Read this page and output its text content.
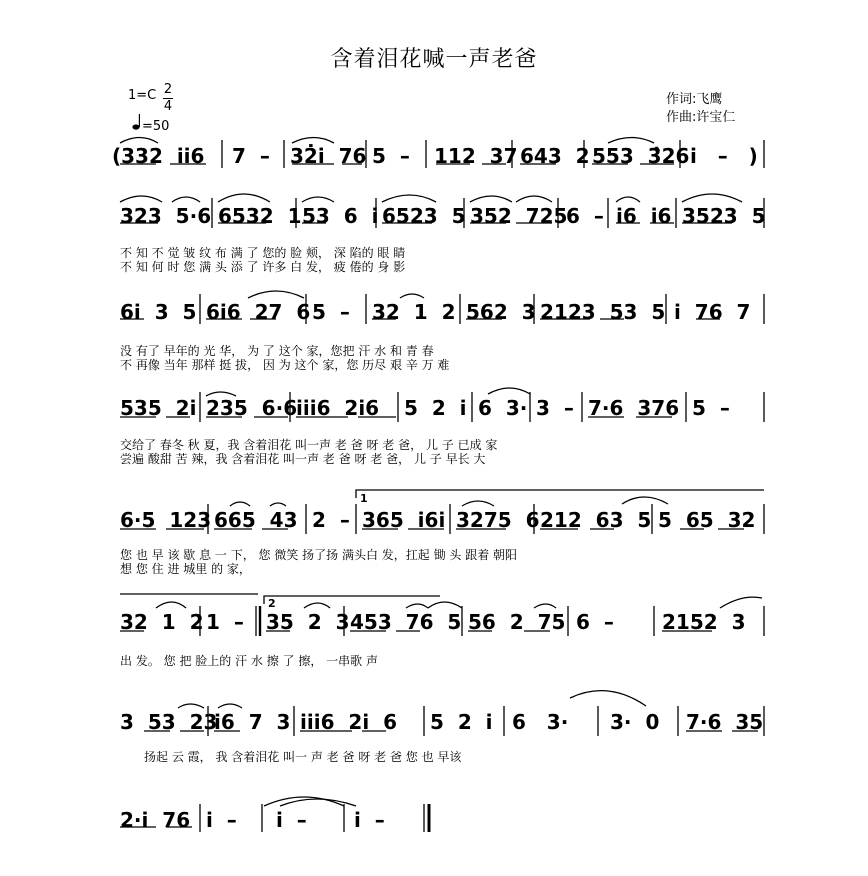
含着泪花喊一声老爸
1=C 2
4
=50
作词:飞鹰
作曲:许宝仁
(332  i̇i̇6 7  – 32̇i̇  76 5  – 112  37 643  2 553  3̂26 i̇   –   )
323  5·6 6532  1 53  6  i̇ 6523  5 352  725
6  – i̇6  i̇6 3523  5
不 知 不 觉 皱 纹 布 满 了 您的 脸 颊， 深 陷的 眼 睛
不 知 何 时 您 满 头 添 了 许多 白 发， 疲 倦的 身 影
6i̇  3  5 6i̇6  27  6 5  – 32  1  2 562  3 2123  53  5 i̇  76  7
没 有了 早年的 光 华， 为 了 这个 家，您把 汗 水 和 青 春
不 再像 当年 那样 挺 拔， 因 为 这个 家，您 历尽 艰 辛 万 难
535  2i̇ 235  6·6
i̇i̇i̇6  2i̇6 5  2  i̇ 6  3· 3  – 7·6  376 5  –
交给了 春冬 秋 夏，我 含着泪花 叫一声 老 爸 呀 老 爸， 儿 子 已成 家
尝遍 酸甜 苦 辣，我 含着泪花 叫一声 老 爸 呀 老 爸， 儿 子 早长 大
6·5  123 665  43 2  – 365  i̇6i̇ 3275  6 212  63  5 5  65  32
您 也 早 该 歇 息 一 下， 您 微笑 扬了扬 满头白 发，扛起 锄 头 跟着 朝阳
想 您 住 进 城里 的 家，
32  1  2 1  – 35  2  3 453  76  5 56  2  75 6  – 2152  3
出 发。 您 把 脸上的 汗 水 擦 了 擦， 一串歌 声
3  53  23
i̇6  7  3 i̇i̇i̇6  2i̇  6 5  2  i̇ 6   3· 3·  0 7·6  35
扬起 云 霞， 我 含着泪花 叫一 声 老 爸 呀 老 爸 您 也 早该
2·i̇  76 i̇  – i̇  – i̇  –
1
2
